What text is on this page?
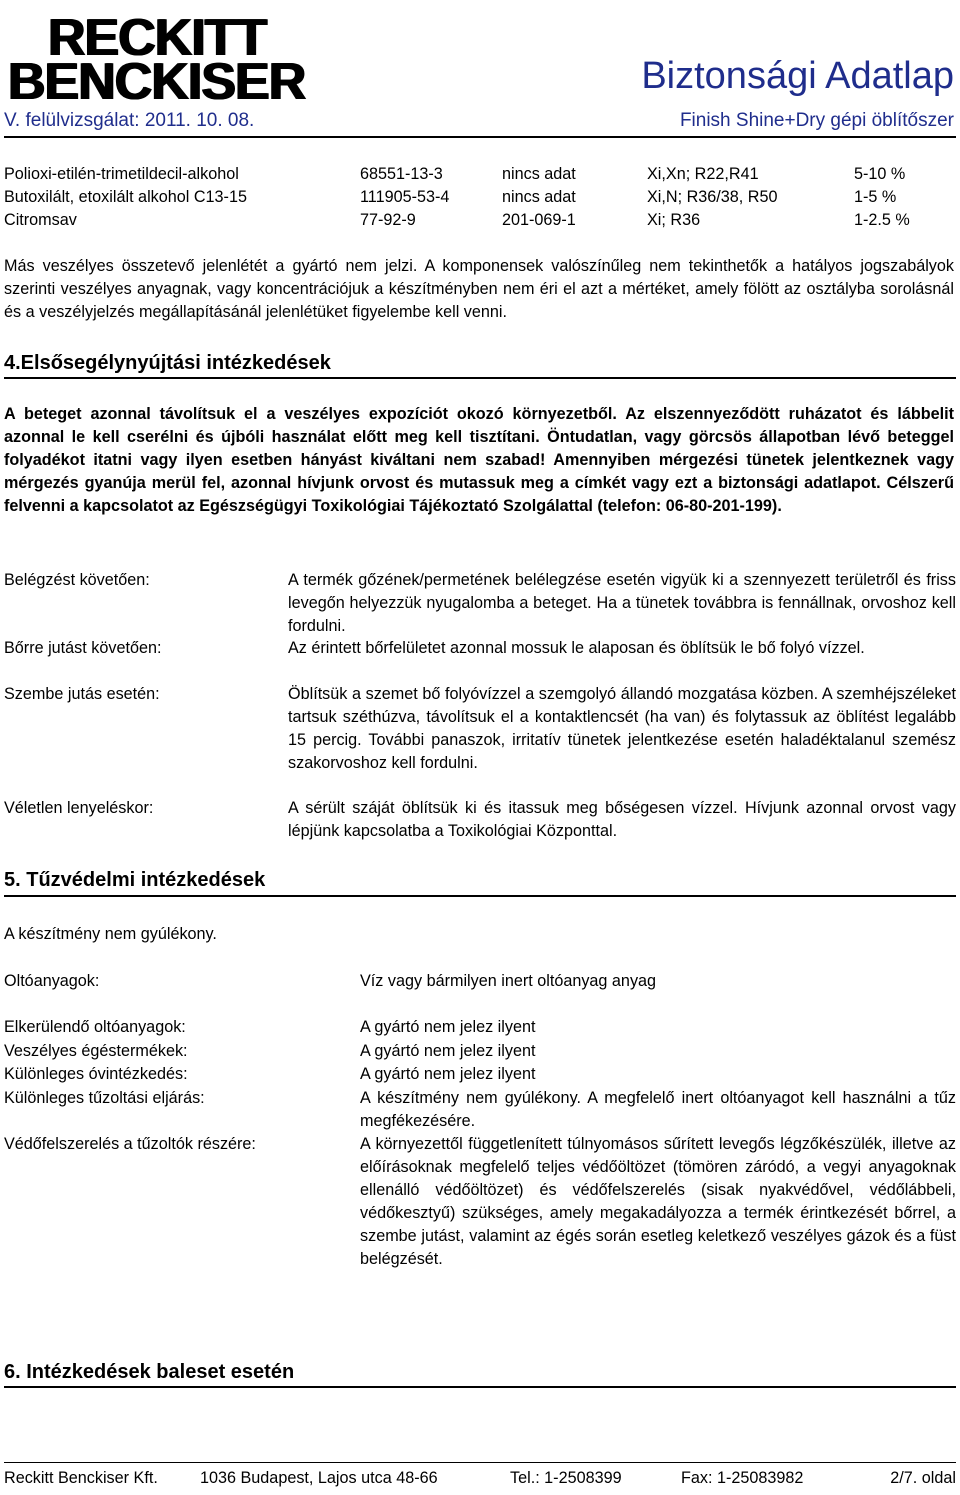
RECKITT
BENCKISER	Biztonsági Adatlap
V. felülvizsgálat: 2011. 10. 08.	Finish Shine+Dry gépi öblítőszer
Polioxi-etilén-trimetildecil-alkohol	68551-13-3	nincs adat	Xi,Xn; R22,R41	5-10 %
Butoxilált, etoxilált alkohol C13-15	111905-53-4	nincs adat	Xi,N; R36/38, R50	1-5 %
Citromsav	77-92-9	201-069-1	Xi; R36	1-2.5 %
Más veszélyes összetevő jelenlétét a gyártó nem jelzi. A komponensek valószínűleg nem tekinthetők a hatályos jogszabályok szerinti veszélyes anyagnak, vagy koncentrációjuk a készítményben nem éri el azt a mértéket, amely fölött az osztályba sorolásnál és a veszélyjelzés megállapításánál jelenlétüket figyelembe kell venni.
4.Elsősegélynyújtási intézkedések
A beteget azonnal távolítsuk el a veszélyes expozíciót okozó környezetből. Az elszennyeződött ruházatot és lábbelit azonnal le kell cserélni és újbóli használat előtt meg kell tisztítani. Öntudatlan, vagy görcsös állapotban lévő beteggel folyadékot itatni vagy ilyen esetben hányást kiváltani nem szabad! Amennyiben mérgezési tünetek jelentkeznek vagy mérgezés gyanúja merül fel, azonnal hívjunk orvost és mutassuk meg a címkét vagy ezt a biztonsági adatlapot. Célszerű felvenni a kapcsolatot az Egészségügyi Toxikológiai Tájékoztató Szolgálattal (telefon: 06-80-201-199).
Belégzést követően:	A termék gőzének/permetének belélegzése esetén vigyük ki a szennyezett területről és friss levegőn helyezzük nyugalomba a beteget. Ha a tünetek továbbra is fennállnak, orvoshoz kell fordulni.
Bőrre jutást követően:	Az érintett bőrfelületet azonnal mossuk le alaposan és öblítsük le bő folyó vízzel.
Szembe jutás esetén:	Öblítsük a szemet bő folyóvízzel a szemgolyó állandó mozgatása közben. A szemhéjszéleket tartsuk széthúzva, távolítsuk el a kontaktlencsét (ha van) és folytassuk az öblítést legalább 15 percig. További panaszok, irritatív tünetek jelentkezése esetén haladéktalanul szemész szakorvoshoz kell fordulni.
Véletlen lenyeléskor:	A sérült száját öblítsük ki és itassuk meg bőségesen vízzel. Hívjunk azonnal orvost vagy lépjünk kapcsolatba a Toxikológiai Központtal.
5. Tűzvédelmi intézkedések
A készítmény nem gyúlékony.
Oltóanyagok:	Víz vagy bármilyen inert oltóanyag anyag
Elkerülendő oltóanyagok:	A gyártó nem jelez ilyent
Veszélyes égéstermékek:	A gyártó nem jelez ilyent
Különleges óvintézkedés:	A gyártó nem jelez ilyent
Különleges tűzoltási eljárás:	A készítmény nem gyúlékony. A megfelelő inert oltóanyagot kell használni a tűz megfékezésére.
Védőfelszerelés a tűzoltók részére:	A környezettől függetlenített túlnyomásos sűrített levegős légzőkészülék, illetve az előírásoknak megfelelő teljes védőöltözet (tömören záródó, a vegyi anyagoknak ellenálló védőöltözet) és védőfelszerelés (sisak nyakvédővel, védőlábbeli, védőkesztyű) szükséges, amely megakadályozza a termék érintkezését bőrrel, a szembe jutást, valamint az égés során esetleg keletkező veszélyes gázok és a füst belégzését.
6. Intézkedések baleset esetén
Reckitt Benckiser Kft.	1036 Budapest, Lajos utca 48-66	Tel.: 1-2508399	Fax: 1-25083982	2/7. oldal
